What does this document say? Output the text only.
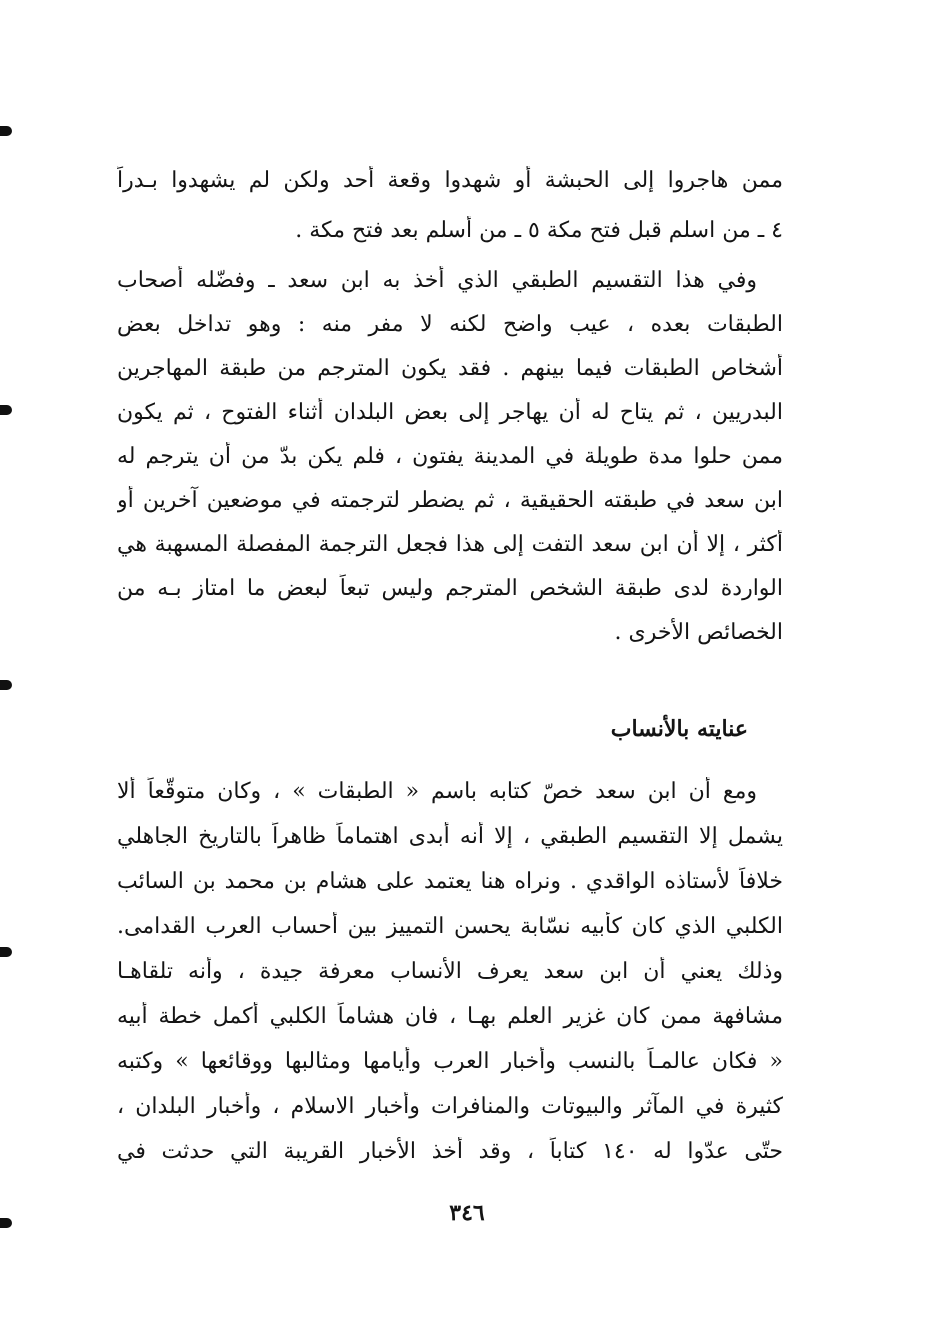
ممن هاجروا إلى الحبشة أو شهدوا وقعة أحد ولكن لم يشهدوا بـدراً
٤ ـ من اسلم قبل فتح مكة ٥ ـ من أسلم بعد فتح مكة .
وفي هذا التقسيم الطبقي الذي أخذ به ابن سعد ـ وفضّله أصحاب
الطبقات بعده ، عيب واضح لكنه لا مفر منه : وهو تداخل بعض
أشخاص الطبقات فيما بينهم . فقد يكون المترجم من طبقة المهاجرين
البدريين ، ثم يتاح له أن يهاجر إلى بعض البلدان أثناء الفتوح ، ثم يكون
ممن حلوا مدة طويلة في المدينة يفتون ، فلم يكن بدّ من أن يترجم له
ابن سعد في طبقته الحقيقية ، ثم يضطر لترجمته في موضعين آخرين أو
أكثر ، إلا أن ابن سعد التفت إلى هذا فجعل الترجمة المفصلة المسهبة هي
الواردة لدى طبقة الشخص المترجم وليس تبعاً لبعض ما امتاز بـه من
الخصائص الأخرى .
عنايته بالأنساب
ومع أن ابن سعد خصّ كتابه باسم « الطبقات » ، وكان متوقّعاً ألا
يشمل إلا التقسيم الطبقي ، إلا أنه أبدى اهتماماً ظاهراً بالتاريخ الجاهلي
خلافاً لأستاذه الواقدي . ونراه هنا يعتمد على هشام بن محمد بن السائب
الكلبي الذي كان كأبيه نسّابة يحسن التمييز بين أحساب العرب القدامى.
وذلك يعني أن ابن سعد يعرف الأنساب معرفة جيدة ، وأنه تلقاهـا
مشافهة ممن كان غزير العلم بهـا ، فان هشاماً الكلبي أكمل خطة أبيه
« فكان عالمـاً بالنسب وأخبار العرب وأيامها ومثالبها ووقائعها » وكتبه
كثيرة في المآثر والبيوتات والمنافرات وأخبار الاسلام ، وأخبار البلدان ،
حتّى عدّوا له ١٤٠ كتاباً ، وقد أخذ الأخبار القريبة التي حدثت في
٣٤٦
